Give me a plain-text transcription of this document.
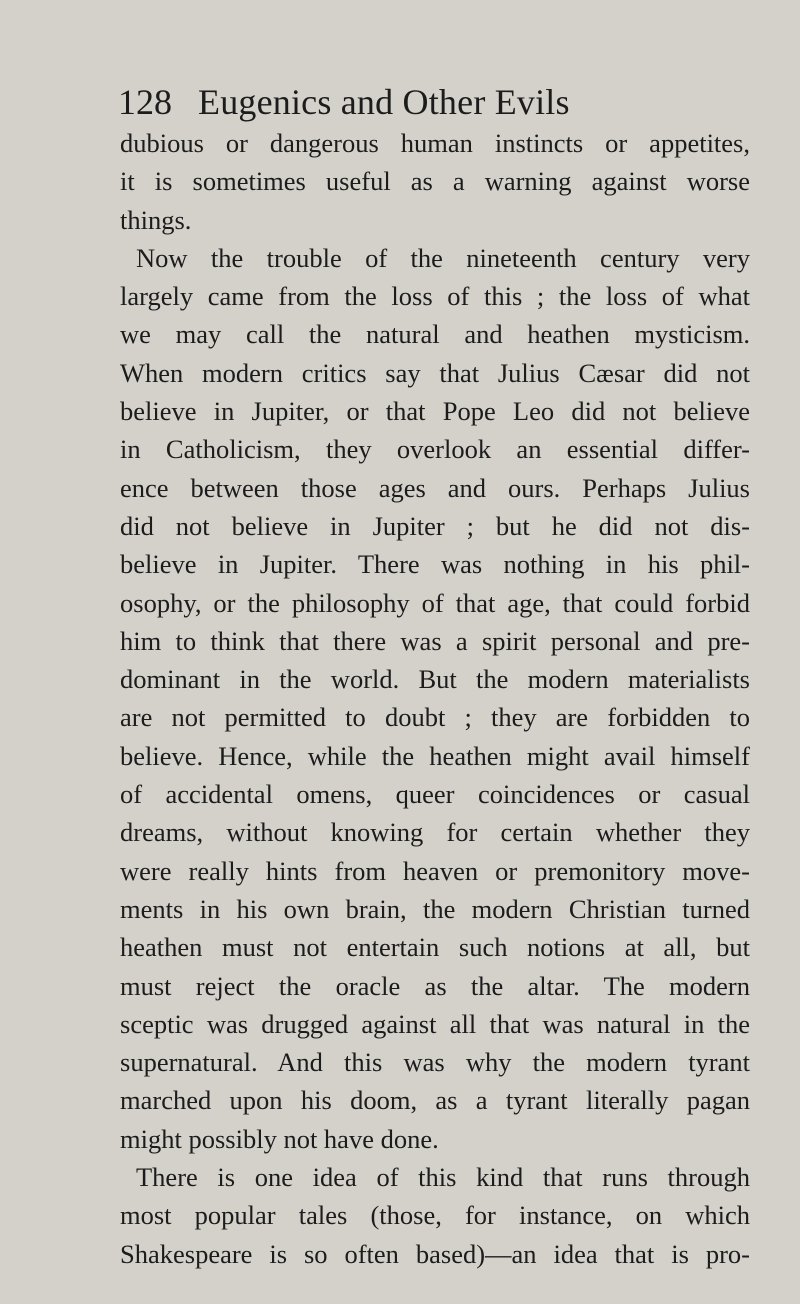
128 Eugenics and Other Evils
dubious or dangerous human instincts or appetites,
it is sometimes useful as a warning against worse
things.
Now the trouble of the nineteenth century very
largely came from the loss of this ; the loss of what
we may call the natural and heathen mysticism.
When modern critics say that Julius Cæsar did not
believe in Jupiter, or that Pope Leo did not believe
in Catholicism, they overlook an essential differ-
ence between those ages and ours. Perhaps Julius
did not believe in Jupiter ; but he did not dis-
believe in Jupiter. There was nothing in his phil-
osophy, or the philosophy of that age, that could forbid
him to think that there was a spirit personal and pre-
dominant in the world. But the modern materialists
are not permitted to doubt ; they are forbidden to
believe. Hence, while the heathen might avail himself
of accidental omens, queer coincidences or casual
dreams, without knowing for certain whether they
were really hints from heaven or premonitory move-
ments in his own brain, the modern Christian turned
heathen must not entertain such notions at all, but
must reject the oracle as the altar. The modern
sceptic was drugged against all that was natural in the
supernatural. And this was why the modern tyrant
marched upon his doom, as a tyrant literally pagan
might possibly not have done.
There is one idea of this kind that runs through
most popular tales (those, for instance, on which
Shakespeare is so often based)—an idea that is pro-
